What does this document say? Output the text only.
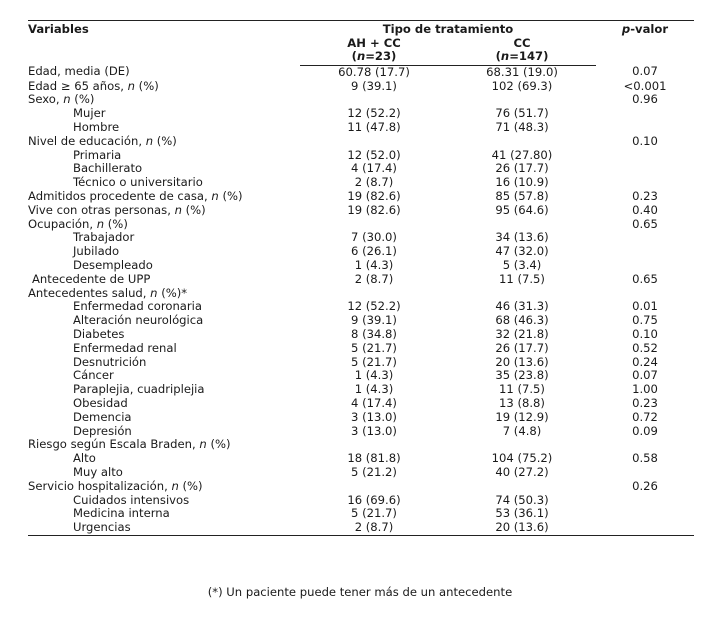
Variables	Tipo de tratamiento		p-valor
	AH + CC	CC	
	(n=23)	(n=147)	
Edad, media (DE)	60.78 (17.7)	68.31 (19.0)	0.07
Edad ≥ 65 años, n (%)	9 (39.1)	102 (69.3)	<0.001
Sexo, n (%)			0.96
Mujer	12 (52.2)	76 (51.7)	
Hombre	11 (47.8)	71 (48.3)	
Nivel de educación, n (%)			0.10
Primaria	12 (52.0)	41 (27.80)	
Bachillerato	4 (17.4)	26 (17.7)	
Técnico o universitario	2 (8.7)	16 (10.9)	
Admitidos procedente de casa, n (%)	19 (82.6)	85 (57.8)	0.23
Vive con otras personas, n (%)	19 (82.6)	95 (64.6)	0.40
Ocupación, n (%)			0.65
Trabajador	7 (30.0)	34 (13.6)	
Jubilado	6 (26.1)	47 (32.0)	
Desempleado	1 (4.3)	5 (3.4)	
Antecedente de UPP	2 (8.7)	11 (7.5)	0.65
Antecedentes salud, n (%)*			
Enfermedad coronaria	12 (52.2)	46 (31.3)	0.01
Alteración neurológica	9 (39.1)	68 (46.3)	0.75
Diabetes	8 (34.8)	32 (21.8)	0.10
Enfermedad renal	5 (21.7)	26 (17.7)	0.52
Desnutrición	5 (21.7)	20 (13.6)	0.24
Cáncer	1 (4.3)	35 (23.8)	0.07
Paraplejia, cuadriplejia	1 (4.3)	11 (7.5)	1.00
Obesidad	4 (17.4)	13 (8.8)	0.23
Demencia	3 (13.0)	19 (12.9)	0.72
Depresión	3 (13.0)	7 (4.8)	0.09
Riesgo según Escala Braden, n (%)			
Alto	18 (81.8)	104 (75.2)	0.58
Muy alto	5 (21.2)	40 (27.2)	
Servicio hospitalización, n (%)			0.26
Cuidados intensivos	16 (69.6)	74 (50.3)	
Medicina interna	5 (21.7)	53 (36.1)	
Urgencias	2 (8.7)	20 (13.6)	
(*) Un paciente puede tener más de un antecedente
